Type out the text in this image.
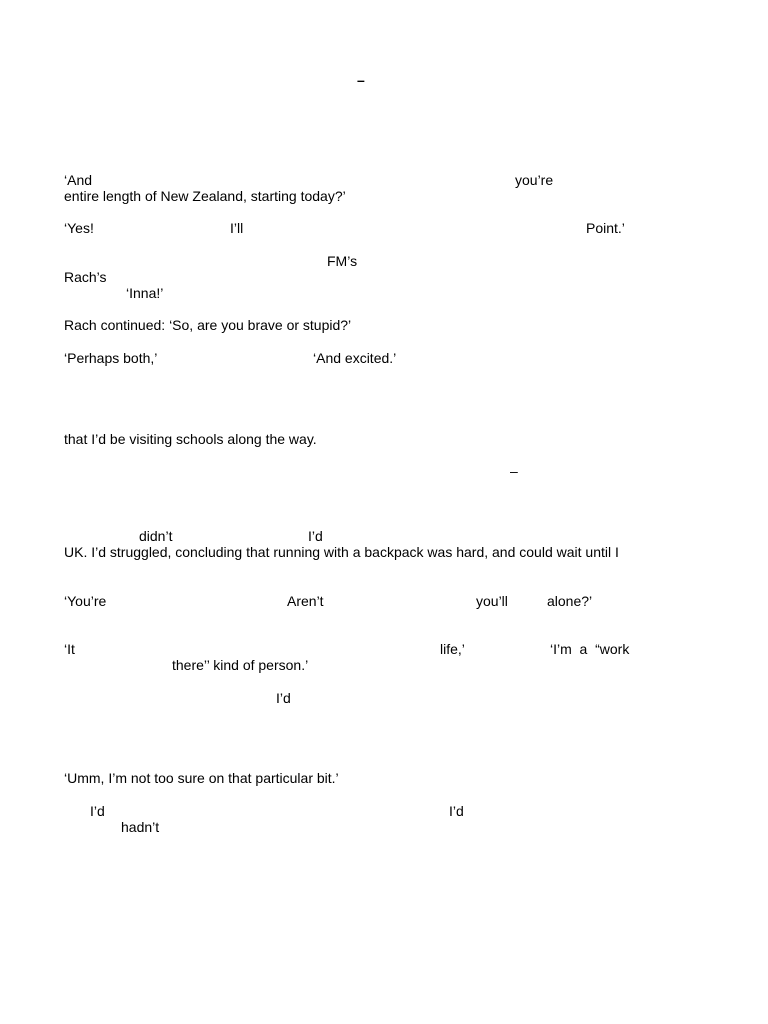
–
‘And	you’re
entire length of New Zealand, starting today?’
‘Yes!	I’ll	Point.’
FM’s
Rach’s
‘Inna!’
Rach continued: ‘So, are you brave or stupid?’
‘Perhaps both,’	‘And excited.’
that I’d be visiting schools along the way.
–
didn’t	I’d
UK. I’d struggled, concluding that running with a backpack was hard, and could wait until I
‘You’re	Aren’t	you’ll	alone?’
‘It	life,’	‘I’m  a  “work
there’’ kind of person.’
I’d
‘Umm, I’m not too sure on that particular bit.’
I’d	I’d
hadn’t
